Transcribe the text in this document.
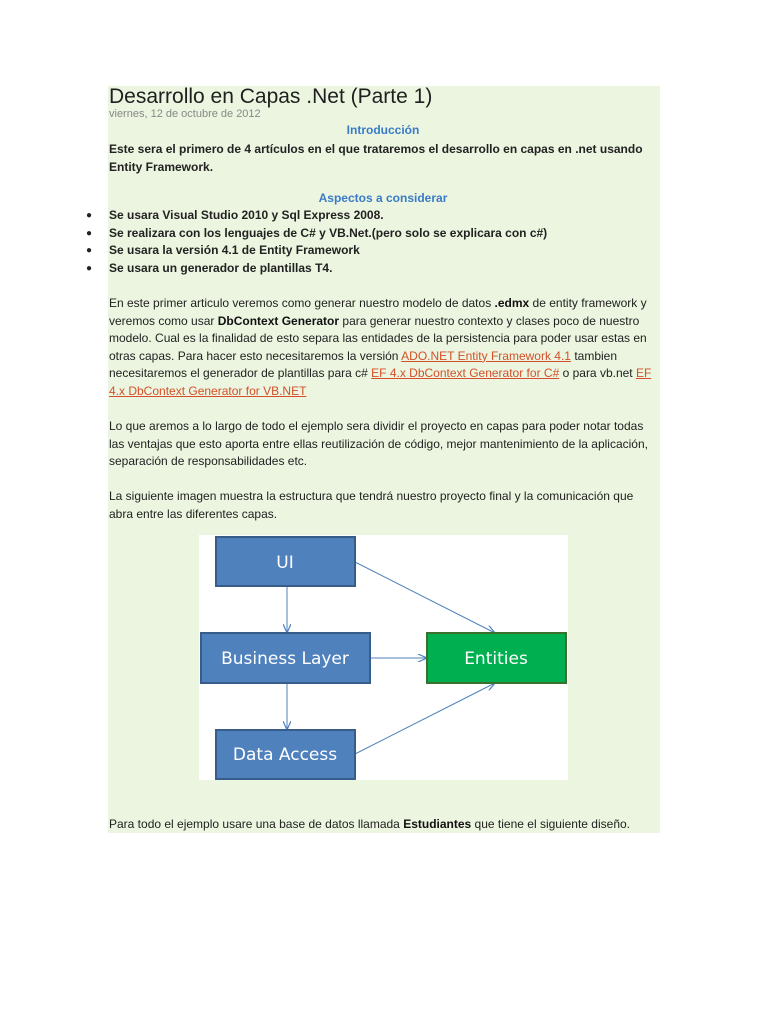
Desarrollo en Capas .Net (Parte 1)
viernes, 12 de octubre de 2012
Introducción
Este sera el primero de 4 artículos en el que trataremos el desarrollo en capas en .net usando Entity Framework.
Aspectos a considerar
● Se usara Visual Studio 2010 y Sql Express 2008.
● Se realizara con los lenguajes de C# y VB.Net.(pero solo se explicara con c#)
● Se usara la versión 4.1 de Entity Framework
● Se usara un generador de plantillas T4.
En este primer articulo veremos como generar nuestro modelo de datos .edmx de entity framework y veremos como usar DbContext Generator para generar nuestro contexto y clases poco de nuestro modelo. Cual es la finalidad de esto separa las entidades de la persistencia para poder usar estas en otras capas. Para hacer esto necesitaremos la versión ADO.NET Entity Framework 4.1 tambien necesitaremos el generador de plantillas para c# EF 4.x DbContext Generator for C# o para vb.net EF 4.x DbContext Generator for VB.NET
Lo que aremos a lo largo de todo el ejemplo sera dividir el proyecto en capas para poder notar todas las ventajas que esto aporta entre ellas reutilización de código, mejor mantenimiento de la aplicación, separación de responsabilidades etc.
La siguiente imagen muestra la estructura que tendrá nuestro proyecto final y la comunicación que abra entre las diferentes capas.
UI
Business Layer	Entities
Data Access
Para todo el ejemplo usare una base de datos llamada Estudiantes que tiene el siguiente diseño.
